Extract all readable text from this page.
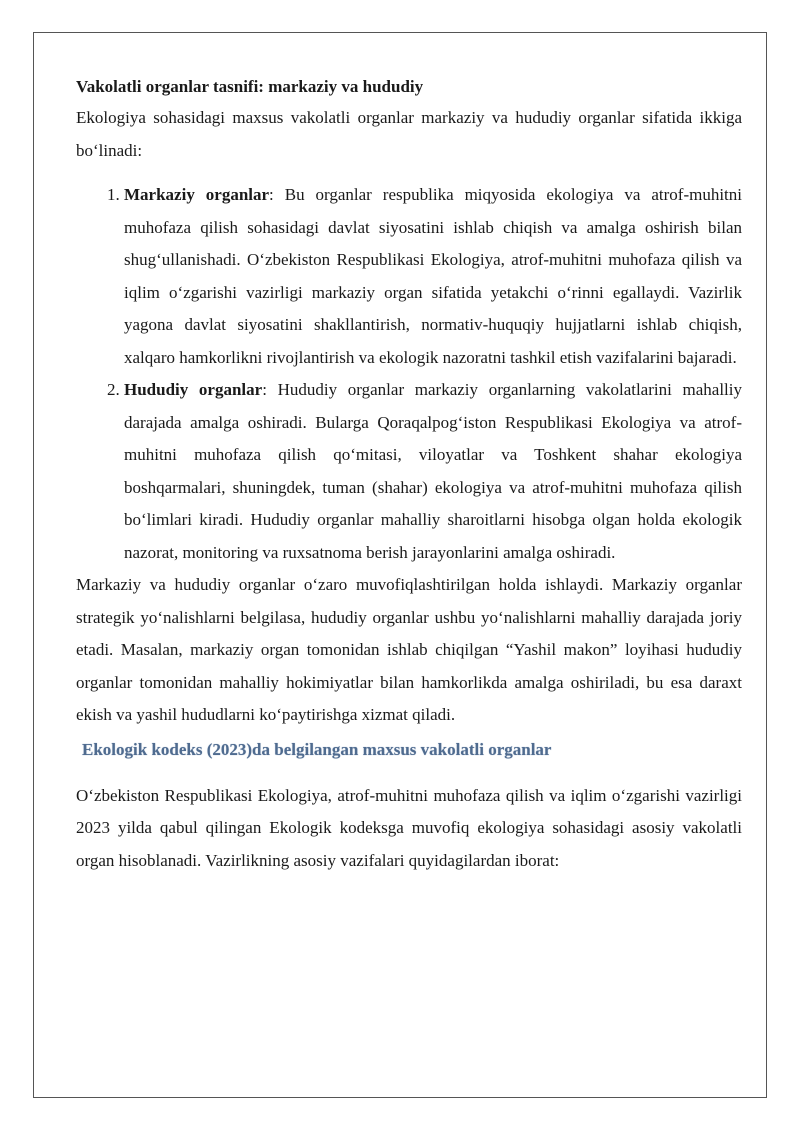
Vakolatli organlar tasnifi: markaziy va hududiy

Ekologiya sohasidagi maxsus vakolatli organlar markaziy va hududiy organlar sifatida ikkiga bo‘linadi:

1. Markaziy organlar: Bu organlar respublika miqyosida ekologiya va atrof-muhitni muhofaza qilish sohasidagi davlat siyosatini ishlab chiqish va amalga oshirish bilan shug‘ullanishadi. O‘zbekiston Respublikasi Ekologiya, atrof-muhitni muhofaza qilish va iqlim o‘zgarishi vazirligi markaziy organ sifatida yetakchi o‘rinni egallaydi. Vazirlik yagona davlat siyosatini shakllantirish, normativ-huquqiy hujjatlarni ishlab chiqish, xalqaro hamkorlikni rivojlantirish va ekologik nazoratni tashkil etish vazifalarini bajaradi.
2. Hududiy organlar: Hududiy organlar markaziy organlarning vakolatlarini mahalliy darajada amalga oshiradi. Bularga Qoraqalpog‘iston Respublikasi Ekologiya va atrof-muhitni muhofaza qilish qo‘mitasi, viloyatlar va Toshkent shahar ekologiya boshqarmalari, shuningdek, tuman (shahar) ekologiya va atrof-muhitni muhofaza qilish bo‘limlari kiradi. Hududiy organlar mahalliy sharoitlarni hisobga olgan holda ekologik nazorat, monitoring va ruxsatnoma berish jarayonlarini amalga oshiradi.

Markaziy va hududiy organlar o‘zaro muvofiqlashtirilgan holda ishlaydi. Markaziy organlar strategik yo‘nalishlarni belgilasa, hududiy organlar ushbu yo‘nalishlarni mahalliy darajada joriy etadi. Masalan, markaziy organ tomonidan ishlab chiqilgan “Yashil makon” loyihasi hududiy organlar tomonidan mahalliy hokimiyatlar bilan hamkorlikda amalga oshiriladi, bu esa daraxt ekish va yashil hududlarni ko‘paytirishga xizmat qiladi.

Ekologik kodeks (2023)da belgilangan maxsus vakolatli organlar

O‘zbekiston Respublikasi Ekologiya, atrof-muhitni muhofaza qilish va iqlim o‘zgarishi vazirligi 2023 yilda qabul qilingan Ekologik kodeksga muvofiq ekologiya sohasidagi asosiy vakolatli organ hisoblanadi. Vazirlikning asosiy vazifalari quyidagilardan iborat:
